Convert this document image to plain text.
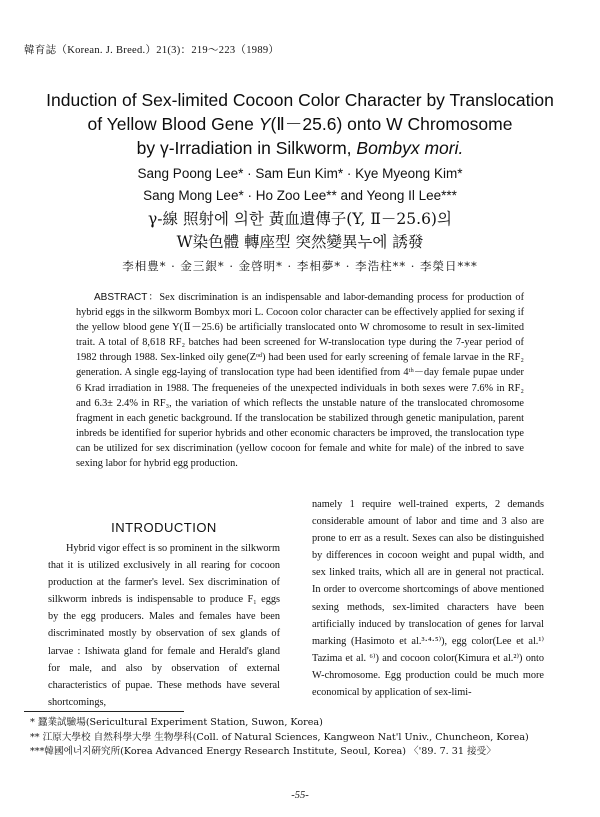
韓育誌（Korean. J. Breed.）21(3)：219～223（1989）
Induction of Sex-limited Cocoon Color Character by Translocation
of Yellow Blood Gene Y(Ⅱ－25.6) onto W Chromosome
by γ-Irradiation in Silkworm, Bombyx mori.
Sang Poong Lee* · Sam Eun Kim* · Kye Myeong Kim*
Sang Mong Lee* · Ho Zoo Lee** and Yeong Il Lee***
γ-線 照射에 의한 黃血遺傳子(Y, Ⅱ－25.6)의
W染色體 轉座型 突然變異누에 誘發
李相豊* · 金三銀* · 金啓明* · 李相夢* · 李浩柱** · 李榮日***
ABSTRACT：Sex discrimination is an indispensable and labor-demanding process for production of hybrid eggs in the silkworm Bombyx mori L. Cocoon color character can be effectively applied for sexing if the yellow blood gene Y(Ⅱ－25.6) be artificially translocated onto W chromosome to result in sex-limited trait. A total of 8,618 RF₂ batches had been screened for W-translocation type during the 7-year period of 1982 through 1988. Sex-linked oily gene(Zᵒᵈ) had been used for early screening of female larvae in the RF₂ generation. A single egg-laying of translocation type had been identified from 4ᵗʰ－day female pupae under 6 Krad irradiation in 1988. The frequeneies of the unexpected individuals in both sexes were 7.6% in RF₂ and 6.3± 2.4% in RF₃, the variation of which reflects the unstable nature of the translocated chromosome fragment in each genetic background. If the translocation be stabilized through genetic manipulation, parent inbreds be identified for superior hybrids and other economic characters be improved, the translocation type can be utilized for sex discrimination (yellow cocoon for female and white for male) of the inbred to save sexing labor for hybrid egg production.
INTRODUCTION
Hybrid vigor effect is so prominent in the silkworm that it is utilized exclusively in all rearing for cocoon production at the farmer's level. Sex discrimination of silkworm inbreds is indispensable to produce F₁ eggs by the egg producers. Males and females have been discriminated mostly by observation of sex glands of larvae : Ishiwata gland for female and Herald's gland for male, and also by observation of external characteristics of pupae. These methods have several shortcomings,
namely 1 require well-trained experts, 2 demands considerable amount of labor and time and 3 also are prone to err as a result. Sexes can also be distinguished by differences in cocoon weight and pupal width, and sex linked traits, which all are in general not practical. In order to overcome shortcomings of above mentioned sexing methods, sex-limited characters have been artificially induced by translocation of genes for larval marking (Hasimoto et al.³·⁴·⁵⁾), egg color(Lee et al.¹⁾ Tazima et al. ⁶⁾) and cocoon color(Kimura et al.²⁾) onto W-chromosome. Egg production could be much more economical by application of sex-limi-
* 蠶業試驗場(Sericultural Experiment Station, Suwon, Korea)
** 江原大學校 自然科學大學 生物學科(Coll. of Natural Sciences, Kangweon Nat'l Univ., Chuncheon, Korea)
***韓國에너지硏究所(Korea Advanced Energy Research Institute, Seoul, Korea) 〈'89. 7. 31 接受〉
-55-
